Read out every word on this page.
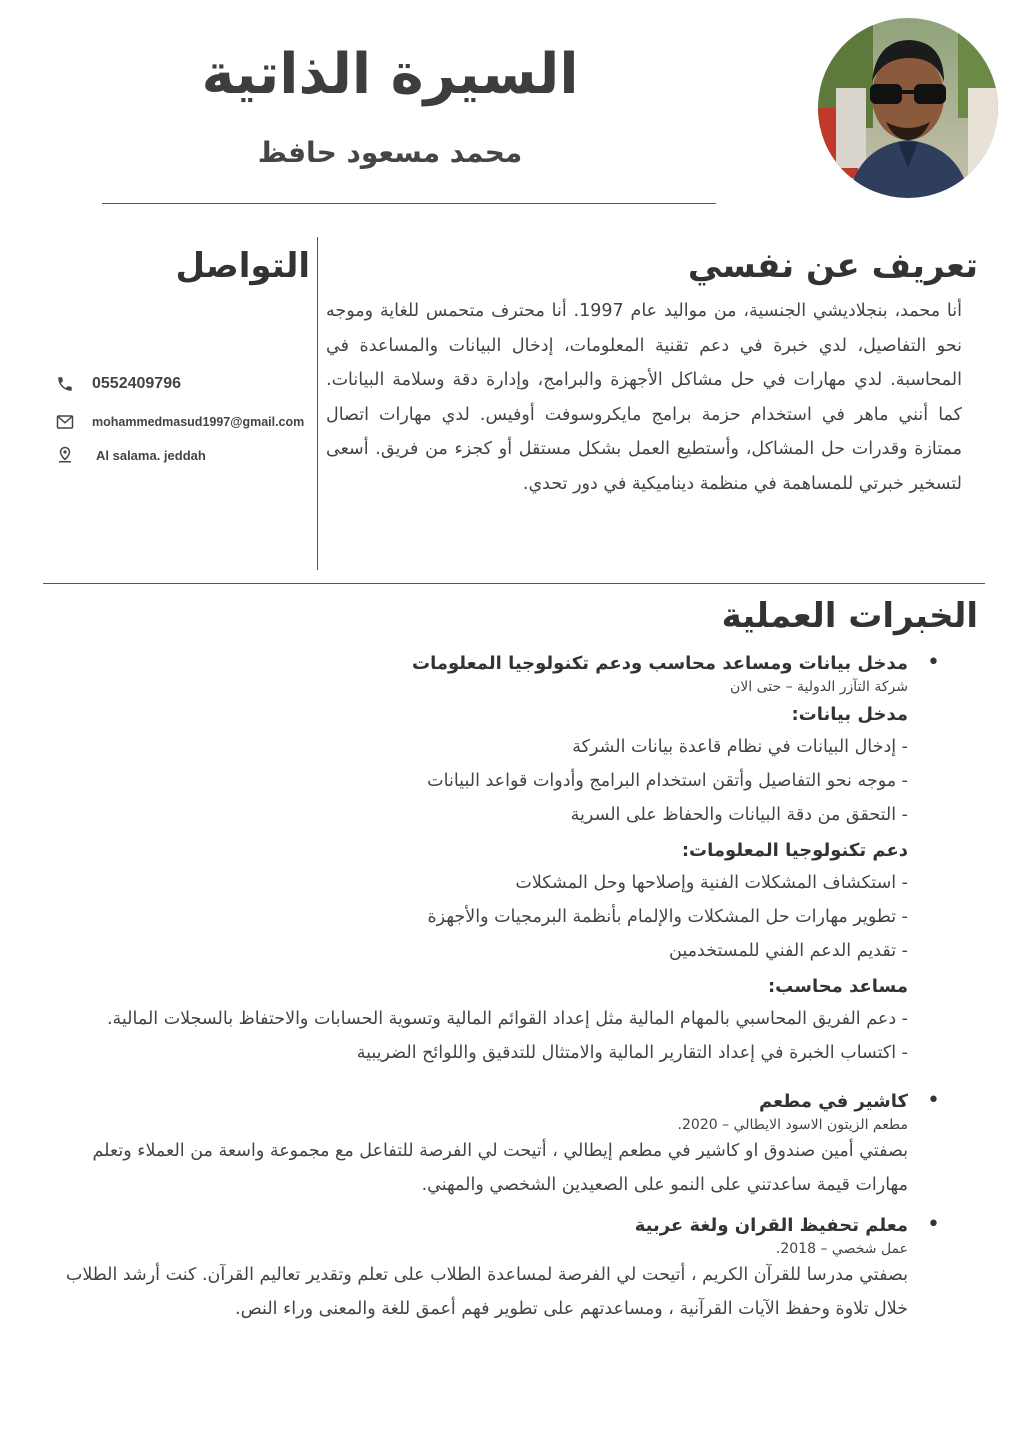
السيرة الذاتية
محمد مسعود حافظ
تعريف عن نفسي
أنا محمد، بنجلاديشي الجنسية، من مواليد عام 1997. أنا محترف متحمس للغاية وموجه نحو التفاصيل، لدي خبرة في دعم تقنية المعلومات، إدخال البيانات والمساعدة في المحاسبة. لدي مهارات في حل مشاكل الأجهزة والبرامج، وإدارة دقة وسلامة البيانات. كما أنني ماهر في استخدام حزمة برامج مايكروسوفت أوفيس. لدي مهارات اتصال ممتازة وقدرات حل المشاكل، وأستطيع العمل بشكل مستقل أو كجزء من فريق. أسعى لتسخير خبرتي للمساهمة في منظمة ديناميكية في دور تحدي.
التواصل
0552409796
mohammedmasud1997@gmail.com
Al salama. jeddah
الخبرات العملية
• مدخل بيانات ومساعد محاسب ودعم تكنولوجيا المعلومات
شركة التآزر الدولية – حتى الان
مدخل بيانات:
- إدخال البيانات في نظام قاعدة بيانات الشركة
- موجه نحو التفاصيل وأتقن استخدام البرامج وأدوات قواعد البيانات
- التحقق من دقة البيانات والحفاظ على السرية
دعم تكنولوجيا المعلومات:
- استكشاف المشكلات الفنية وإصلاحها وحل المشكلات
- تطوير مهارات حل المشكلات والإلمام بأنظمة البرمجيات والأجهزة
- تقديم الدعم الفني للمستخدمين
مساعد محاسب:
- دعم الفريق المحاسبي بالمهام المالية مثل إعداد القوائم المالية وتسوية الحسابات والاحتفاظ بالسجلات المالية.
- اكتساب الخبرة في إعداد التقارير المالية والامتثال للتدقيق واللوائح الضريبية
• كاشير في مطعم
مطعم الزيتون الاسود الايطالي – 2020.
بصفتي أمين صندوق او كاشير في مطعم إيطالي ، أتيحت لي الفرصة للتفاعل مع مجموعة واسعة من العملاء وتعلم مهارات قيمة ساعدتني على النمو على الصعيدين الشخصي والمهني.
• معلم تحفيظ القران ولغة عربية
عمل شخصي – 2018.
بصفتي مدرسا للقرآن الكريم ، أتيحت لي الفرصة لمساعدة الطلاب على تعلم وتقدير تعاليم القرآن. كنت أرشد الطلاب خلال تلاوة وحفظ الآيات القرآنية ، ومساعدتهم على تطوير فهم أعمق للغة والمعنى وراء النص.
